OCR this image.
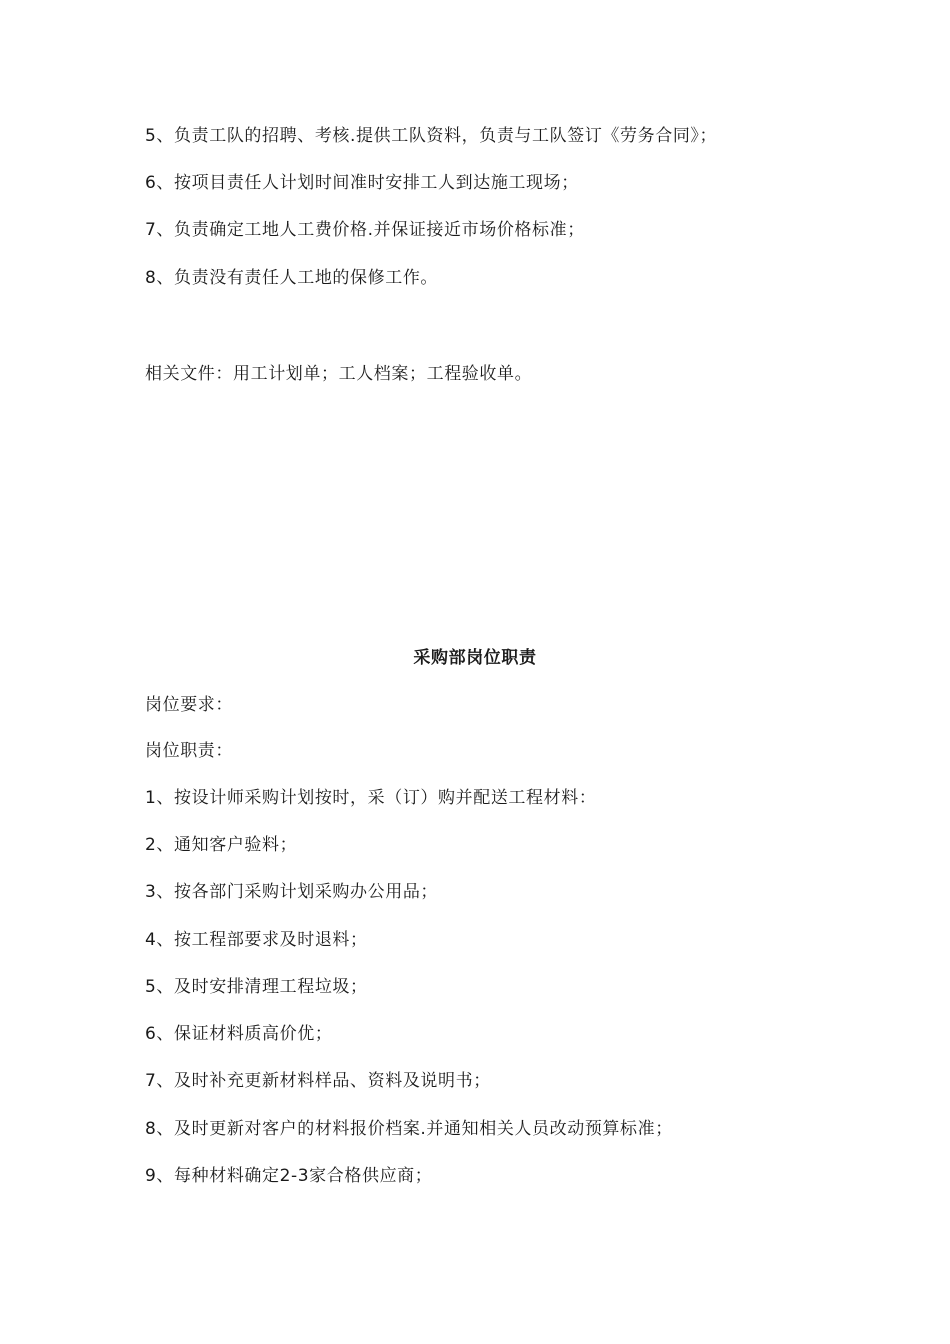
5、负责工队的招聘、考核.提供工队资料，负责与工队签订《劳务合同》；
6、按项目责任人计划时间准时安排工人到达施工现场；
7、负责确定工地人工费价格.并保证接近市场价格标准；
8、负责没有责任人工地的保修工作。
相关文件：用工计划单；工人档案；工程验收单。
采购部岗位职责
岗位要求：
岗位职责：
1、按设计师采购计划按时，采（订）购并配送工程材料：
2、通知客户验料；
3、按各部门采购计划采购办公用品；
4、按工程部要求及时退料；
5、及时安排清理工程垃圾；
6、保证材料质高价优；
7、及时补充更新材料样品、资料及说明书；
8、及时更新对客户的材料报价档案.并通知相关人员改动预算标准；
9、每种材料确定2-3家合格供应商；
